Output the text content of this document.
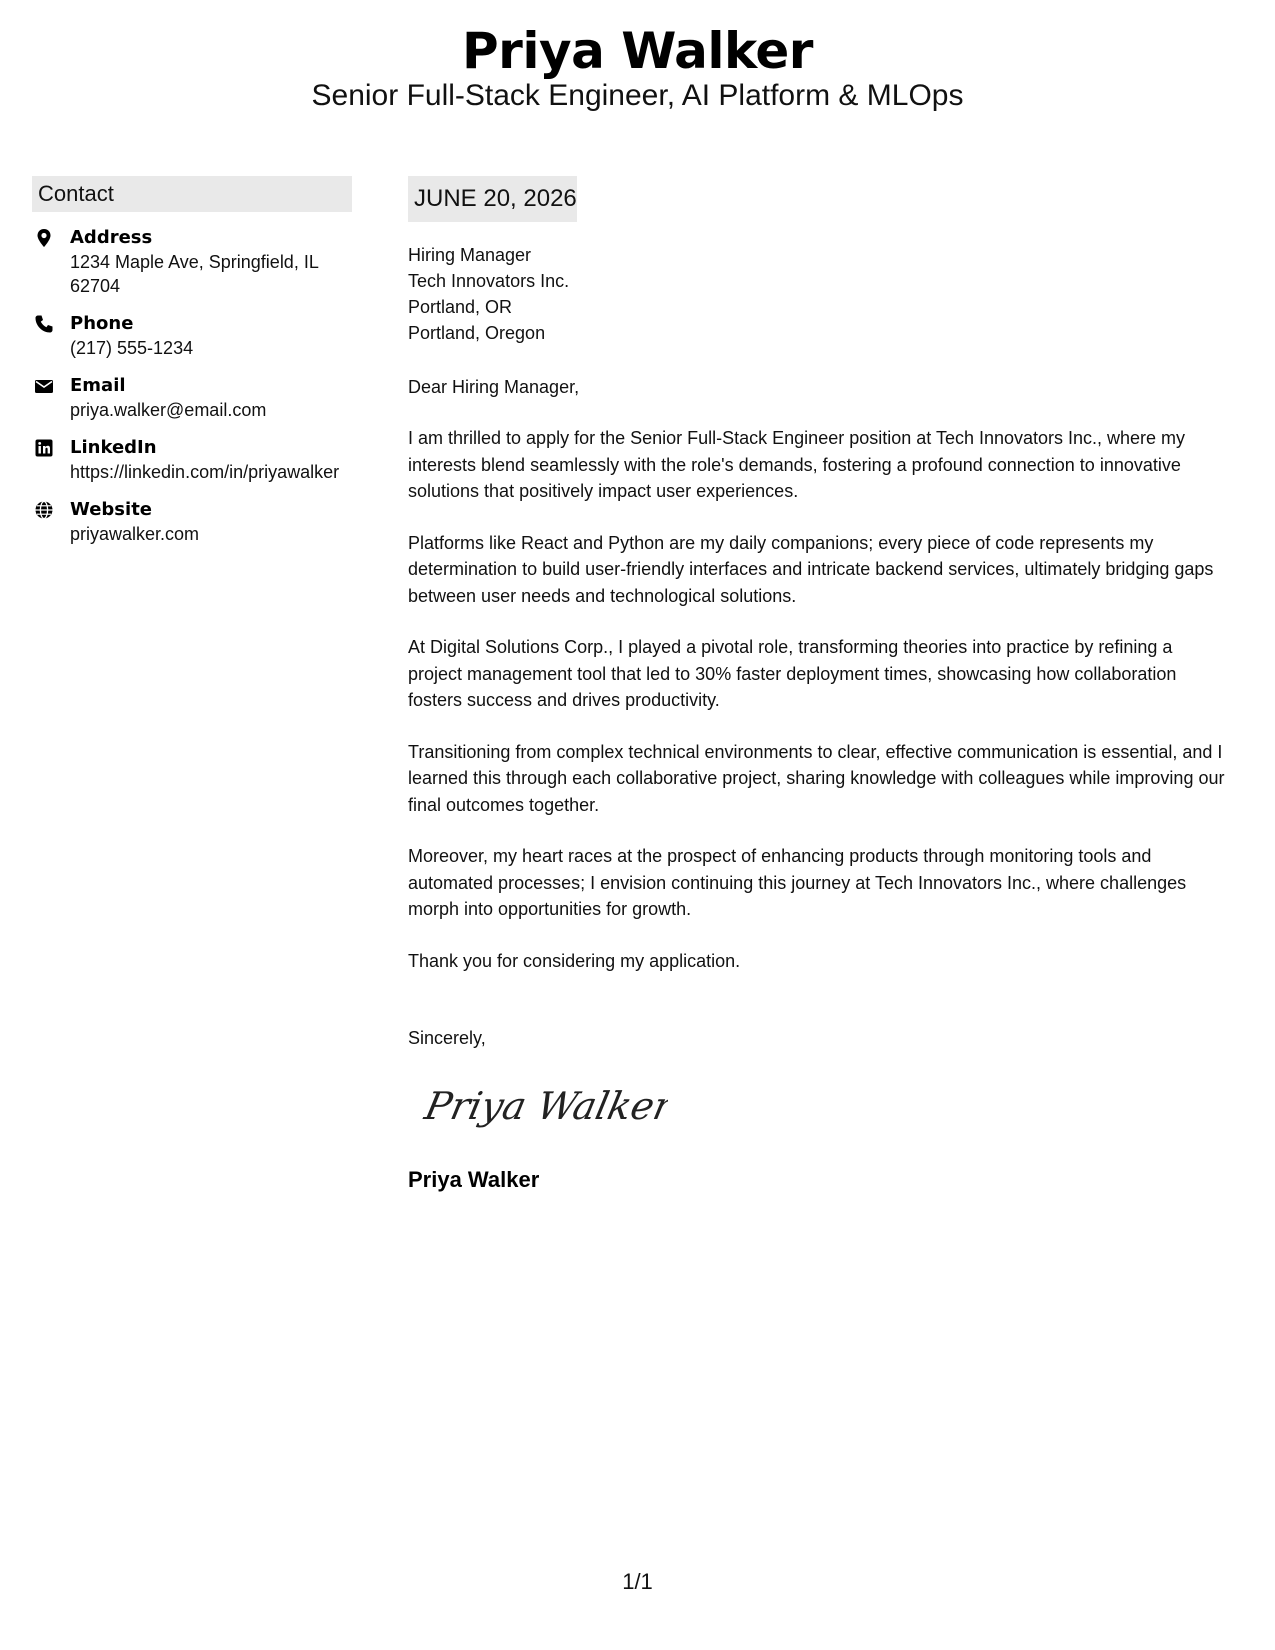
Priya Walker
Senior Full-Stack Engineer, AI Platform & MLOps
Contact
Address
1234 Maple Ave, Springfield, IL 62704
Phone
(217) 555-1234
Email
priya.walker@email.com
LinkedIn
https://linkedin.com/in/priyawalker
Website
priyawalker.com
JUNE 20, 2026
Hiring Manager
Tech Innovators Inc.
Portland, OR
Portland, Oregon
Dear Hiring Manager,
I am thrilled to apply for the Senior Full-Stack Engineer position at Tech Innovators Inc., where my interests blend seamlessly with the role's demands, fostering a profound connection to innovative solutions that positively impact user experiences.
Platforms like React and Python are my daily companions; every piece of code represents my determination to build user-friendly interfaces and intricate backend services, ultimately bridging gaps between user needs and technological solutions.
At Digital Solutions Corp., I played a pivotal role, transforming theories into practice by refining a project management tool that led to 30% faster deployment times, showcasing how collaboration fosters success and drives productivity.
Transitioning from complex technical environments to clear, effective communication is essential, and I learned this through each collaborative project, sharing knowledge with colleagues while improving our final outcomes together.
Moreover, my heart races at the prospect of enhancing products through monitoring tools and automated processes; I envision continuing this journey at Tech Innovators Inc., where challenges morph into opportunities for growth.
Thank you for considering my application.
Sincerely,
Priya Walker
Priya Walker
1/1
